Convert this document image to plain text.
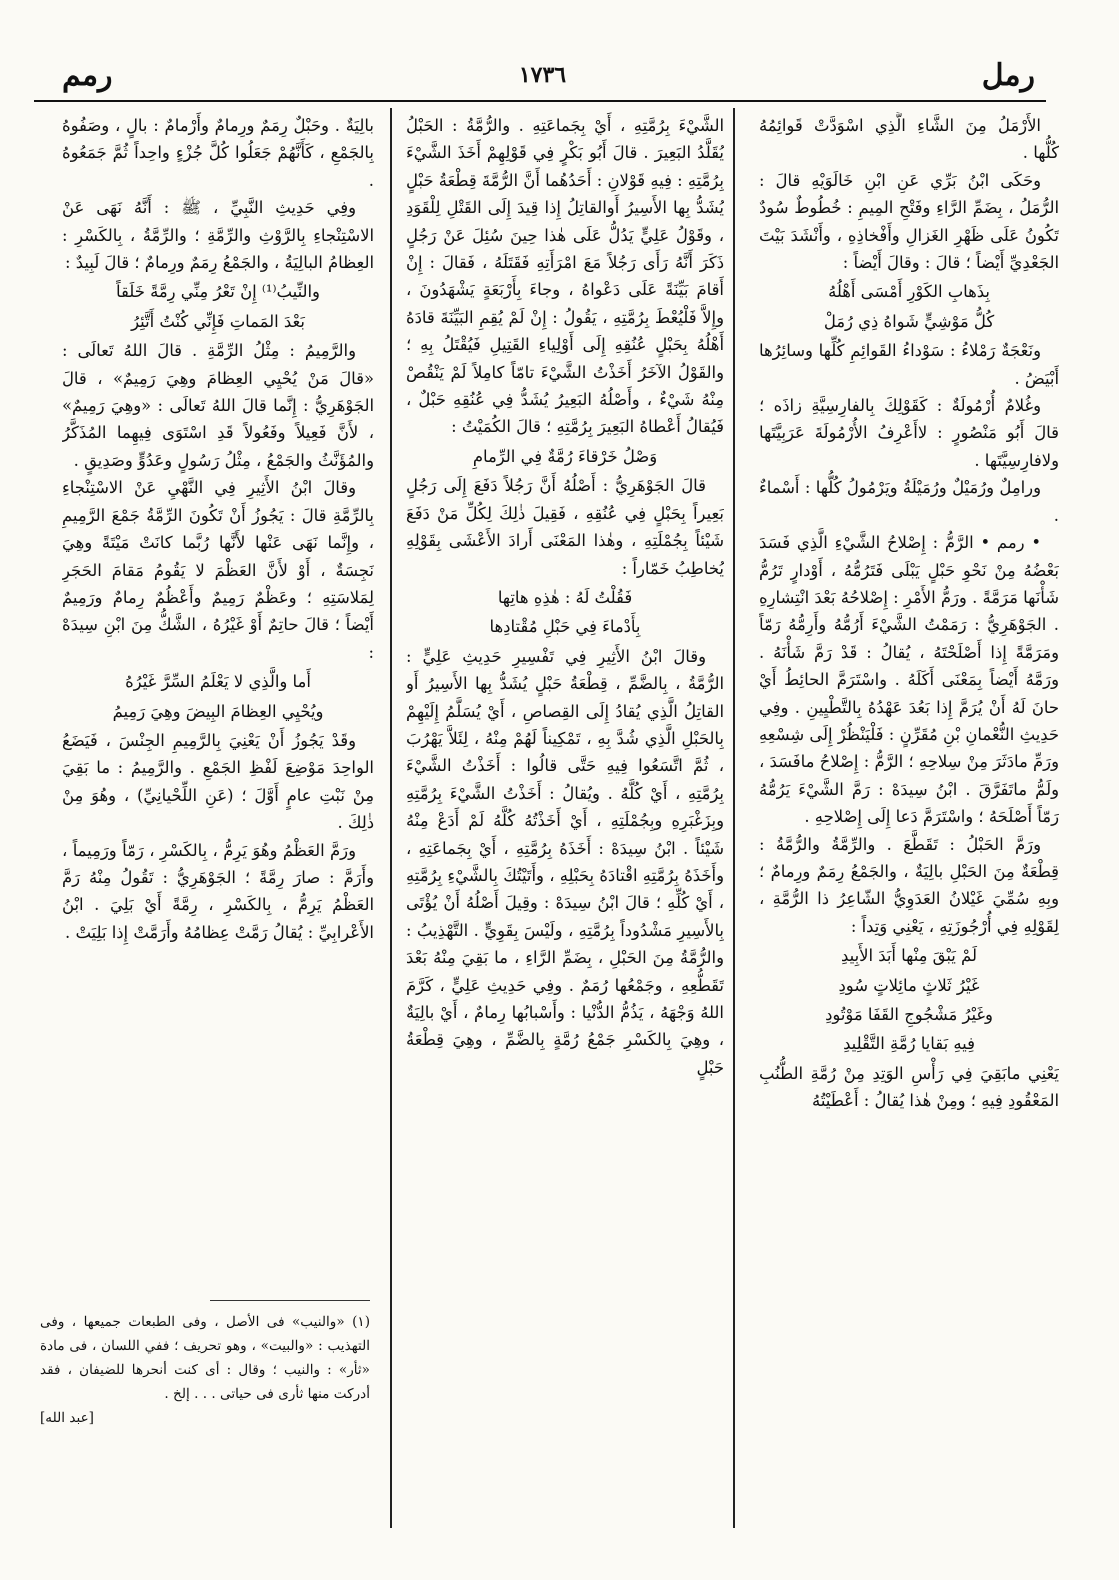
رمل
١٧٣٦
رمم

الأَرْمَلُ مِنَ الشَّاءِ الَّذِي اسْوَدَّتْ قَوائِمُهُ كُلُّها .

وحَكَى ابْنُ بَرِّي عَنِ ابْنِ خَالَوَيْهِ قالَ : الرُّمَلُ ، بِضَمِّ الرَّاءِ وفَتْحِ المِيمِ : خُطُوطٌ سُودٌ تَكُونُ عَلَى ظَهْرِ الغَزالِ وأَفْخاذِهِ ، وأَنْشَدَ بَيْتَ الجَعْدِيِّ أَيْضاً ؛ قالَ : وقالَ أَيْضاً :

بِذَهابِ الكَوْرِ أَمْسَى أَهْلُهُ

كُلُّ مَوْشِيٍّ شَواهُ ذِي رُمَلْ

ونَعْجَةٌ رَمْلاءُ : سَوْداءُ القَوائِمِ كُلِّها وسائِرُها أَبْيَضُ .

وغُلامٌ أُرْمُولَةٌ : كَقَوْلِكَ بِالفارِسِيَّةِ زاذَه ؛ قالَ أَبُو مَنْصُورٍ : لاأَعْرِفُ الأُرْمُولَةَ عَرَبِيَّتَها ولافارِسِيَّتَها .

ورامِلٌ ورُمَيْلٌ ورُمَيْلَةُ ويَرْمُولُ كُلُّها : أَسْماءٌ .

• رمم • الرَّمُّ : إِصْلاحُ الشَّيْءِ الَّذِي فَسَدَ بَعْضُهُ مِنْ نَحْوِ حَبْلٍ يَبْلَى فَتَرُمُّهُ ، أَوْدارٍ تَرُمُّ شَأْنَها مَرَمَّةً . ورَمُّ الأَمْرِ : إِصْلاحُهُ بَعْدَ انْتِشارِهِ . الجَوْهَرِيُّ : رَمَمْتُ الشَّيْءَ أَرُمُّهُ وأَرِمُّهُ رَمّاً ومَرَمَّةً إِذا أَصْلَحْتَهُ ، يُقالُ : قَدْ رَمَّ شَأْنَهُ . ورَمَّهُ أَيْضاً بِمَعْنَى أَكَلَهُ . واسْتَرَمَّ الحائِطُ أَيْ حانَ لَهُ أَنْ يُرَمَّ إِذا بَعُدَ عَهْدُهُ بِالتَّطْيِينِ . وفِي حَدِيثِ النُّعْمانِ بْنِ مُقَرِّنٍ : فَلْيَنْظُرْ إِلَى شِسْعِهِ ورَمِّ مادَثَرَ مِنْ سِلاحِهِ ؛ الرَّمُّ : إِصْلاحُ مافَسَدَ ، ولَمُّ ماتَفَرَّقَ . ابْنُ سِيدَهْ : رَمَّ الشَّيْءَ يَرُمُّهُ رَمّاً أَصْلَحَهُ ؛ واسْتَرَمَّ دَعا إِلَى إِصْلاحِهِ .

ورَمَّ الحَبْلُ : تَقَطَّعَ . والرِّمَّةُ والرُّمَّةُ : قِطْعَةٌ مِنَ الحَبْلِ بالِيَةٌ ، والجَمْعُ رِمَمٌ ورِمامٌ ؛ وبِهِ سُمِّيَ غَيْلانُ العَدَوِيُّ الشّاعِرُ ذا الرُّمَّةِ ، لِقَوْلِهِ فِي أُرْجُوزَتِهِ ، يَعْنِي وَتِداً :

لَمْ يَبْقَ مِنْها أَبَدَ الأَبِيدِ

غَيْرُ ثَلاثٍ مائِلاتٍ سُودِ

وغَيْرُ مَشْجُوجِ القَفَا مَوْتُودِ

فِيهِ بَقايا رُمَّةِ التَّقْلِيدِ

يَعْنِي مابَقِيَ فِي رَأْسِ الوَتِدِ مِنْ رُمَّةِ الطُّنُبِ المَعْقُودِ فِيهِ ؛ ومِنْ هٰذا يُقالُ : أَعْطَيْتُهُ

الشَّيْءَ بِرُمَّتِهِ ، أَيْ بِجَماعَتِهِ . والرُّمَّةُ : الحَبْلُ يُقَلَّدُ البَعِيرَ . قالَ أَبُو بَكْرٍ فِي قَوْلِهِمْ أَخَذَ الشَّيْءَ بِرُمَّتِهِ : فِيهِ قَوْلانِ : أَحَدُهُما أَنَّ الرُّمَّةَ قِطْعَةُ حَبْلٍ يُشَدُّ بِها الأَسِيرُ أَوالقاتِلُ إِذا قِيدَ إِلَى القَتْلِ لِلْقَوَدِ ، وقَوْلُ عَلِيٍّ يَدُلُّ عَلَى هٰذا حِينَ سُئِلَ عَنْ رَجُلٍ ذَكَرَ أَنَّهُ رَأَى رَجُلاً مَعَ امْرَأَتِهِ فَقَتَلَهُ ، فَقالَ : إِنْ أَقامَ بَيِّنَةً عَلَى دَعْواهُ ، وجاءَ بِأَرْبَعَةٍ يَشْهَدُونَ ، وإِلاَّ فَلْيُعْطَ بِرُمَّتِهِ ، يَقُولُ : إِنْ لَمْ يُقِمِ البَيِّنَةَ قادَهُ أَهْلُهُ بِحَبْلٍ عُنُقِهِ إِلَى أَوْلِياءِ القَتِيلِ فَيُقْتَلُ بِهِ ؛ والقَوْلُ الآخَرُ أَخَذْتُ الشَّيْءَ تامّاً كامِلاً لَمْ يَنْقُصْ مِنْهُ شَيْءٌ ، وأَصْلُهُ البَعِيرُ يُشَدُّ فِي عُنُقِهِ حَبْلٌ ، فَيُقالُ أَعْطاهُ البَعِيرَ بِرُمَّتِهِ ؛ قالَ الكُمَيْتُ :

وَصْلُ خَرْقاءَ رُمَّةٌ فِي الرِّمامِ

قالَ الجَوْهَرِيُّ : أَصْلُهُ أَنَّ رَجُلاً دَفَعَ إِلَى رَجُلٍ بَعِيراً بِحَبْلٍ فِي عُنُقِهِ ، فَقِيلَ ذٰلِكَ لِكُلِّ مَنْ دَفَعَ شَيْئاً بِجُمْلَتِهِ ، وهٰذا المَعْنَى أَرادَ الأَعْشَى بِقَوْلِهِ يُخاطِبُ خَمّاراً :

فَقُلْتُ لَهُ : هٰذِهِ هاتِها

بِأَدْماءَ فِي حَبْلِ مُقْتادِها

وقالَ ابْنُ الأَثِيرِ فِي تَفْسِيرِ حَدِيثِ عَلِيٍّ : الرُّمَّةُ ، بِالضَّمِّ ، قِطْعَةُ حَبْلٍ يُشَدُّ بِها الأَسِيرُ أَو القاتِلُ الَّذِي يُقادُ إِلَى القِصاصِ ، أَيْ يُسَلَّمُ إِلَيْهِمْ بِالحَبْلِ الَّذِي شُدَّ بِهِ ، تَمْكِيناً لَهُمْ مِنْهُ ، لِئَلاَّ يَهْرُبَ ، ثُمَّ اتَّسَعُوا فِيهِ حَتَّى قالُوا : أَخَذْتُ الشَّيْءَ بِرُمَّتِهِ ، أَيْ كُلَّهُ . ويُقالُ : أَخَذْتُ الشَّيْءَ بِرُمَّتِهِ وبِزَغْبَرِهِ وبِجُمْلَتِهِ ، أَيْ أَخَذْتُهُ كُلَّهُ لَمْ أَدَعْ مِنْهُ شَيْئاً . ابْنُ سِيدَهْ : أَخَذَهُ بِرُمَّتِهِ ، أَيْ بِجَماعَتِهِ ، وأَخَذَهُ بِرُمَّتِهِ اقْتادَهُ بِحَبْلِهِ ، وأَتَيْتُكَ بِالشَّيْءِ بِرُمَّتِهِ ، أَيْ كُلِّهِ ؛ قالَ ابْنُ سِيدَهْ : وقِيلَ أَصْلُهُ أَنْ يُؤْتَى بِالأَسِيرِ مَشْدُوداً بِرُمَّتِهِ ، ولَيْسَ بِقَوِيٍّ . التَّهْذِيبُ : والرُّمَّةُ مِنَ الحَبْلِ ، بِضَمِّ الرَّاءِ ، ما بَقِيَ مِنْهُ بَعْدَ تَقَطُّعِهِ ، وجَمْعُها رُمَمٌ . وفِي حَدِيثِ عَلِيٍّ ، كَرَّمَ اللهُ وَجْهَهُ ، يَذُمُّ الدُّنْيا : وأَسْبابُها رِمامٌ ، أَيْ بالِيَةٌ ، وهِيَ بِالكَسْرِ جَمْعُ رُمَّةٍ بِالضَّمِّ ، وهِيَ قِطْعَةُ حَبْلٍ

بالِيَةٌ . وحَبْلٌ رِمَمٌ ورِمامٌ وأَرْمامٌ : بالٍ ، وصَفُوهُ بِالجَمْعِ ، كَأَنَّهُمْ جَعَلُوا كُلَّ جُزْءٍ واحِداً ثُمَّ جَمَعُوهُ .

وفِي حَدِيثِ النَّبِيِّ ، ﷺ : أَنَّهُ نَهَى عَنْ الاسْتِنْجاءِ بِالرَّوْثِ والرِّمَّةِ ؛ والرِّمَّةُ ، بِالكَسْرِ : العِظامُ البالِيَةُ ، والجَمْعُ رِمَمٌ ورِمامٌ ؛ قالَ لَبِيدٌ :

والنِّيبُ⁽¹⁾ إِنْ تَعْرُ مِنِّي رِمَّةً خَلَقاً

بَعْدَ المَماتِ فَإِنِّي كُنْتُ أَتَّئِرُ

والرَّمِيمُ : مِثْلُ الرِّمَّةِ . قالَ اللهُ تَعالَى : «قالَ مَنْ يُحْيِي العِظامَ وهِيَ رَمِيمٌ» ، قالَ الجَوْهَرِيُّ : إِنَّما قالَ اللهُ تَعالَى : «وهِيَ رَمِيمٌ» ، لأَنَّ فَعِيلاً وفَعُولاً قَدِ اسْتَوَى فِيهِما المُذَكَّرُ والمُؤَنَّثُ والجَمْعُ ، مِثْلُ رَسُولٍ وعَدُوٍّ وصَدِيقٍ .

وقالَ ابْنُ الأَثِيرِ فِي النَّهْيِ عَنْ الاسْتِنْجاءِ بِالرِّمَّةِ قالَ : يَجُوزُ أَنْ تَكُونَ الرِّمَّةُ جَمْعَ الرَّمِيمِ ، وإِنَّما نَهَى عَنْها لأَنَّها رُبَّما كانَتْ مَيْتَةً وهِيَ نَجِسَةٌ ، أَوْ لأَنَّ العَظْمَ لا يَقُومُ مَقامَ الحَجَرِ لِمَلاسَتِهِ ؛ وعَظْمٌ رَمِيمٌ وأَعْظُمٌ رِمامٌ ورَمِيمٌ أَيْضاً ؛ قالَ حاتِمٌ أَوْ غَيْرُهُ ، الشَّكُّ مِنَ ابْنِ سِيدَهْ :

أَما والَّذِي لا يَعْلَمُ السِّرَّ غَيْرُهُ

ويُحْيِي العِظامَ البِيضَ وهِيَ رَمِيمُ

وقَدْ يَجُوزُ أَنْ يَعْنِيَ بِالرَّمِيمِ الجِنْسَ ، فَيَضَعُ الواحِدَ مَوْضِعَ لَفْظِ الجَمْعِ . والرَّمِيمُ : ما بَقِيَ مِنْ نَبْتِ عامٍ أَوَّلَ ؛ (عَنِ اللِّحْيانِيِّ) ، وهُوَ مِنْ ذٰلِكَ .

ورَمَّ العَظْمُ وهُوَ يَرِمُّ ، بِالكَسْرِ ، رَمّاً ورَمِيماً ، وأَرَمَّ : صارَ رِمَّةً ؛ الجَوْهَرِيُّ : تَقُولُ مِنْهُ رَمَّ العَظْمُ يَرِمُّ ، بِالكَسْرِ ، رِمَّةً أَيْ بَلِيَ . ابْنُ الأَعْرابِيِّ : يُقالُ رَمَّتْ عِظامُهُ وأَرَمَّتْ إِذا بَلِيَتْ .

(١) «والنيب» فى الأصل ، وفى الطبعات جميعها ، وفى التهذيب : «والبيت» ، وهو تحريف ؛ ففي اللسان ، فى مادة «ثأر» : والنيب ؛ وقال : أى كنت أنحرها للضيفان ، فقد أدركت منها ثأرى فى حياتى . . . إلخ .

[عبد الله]
